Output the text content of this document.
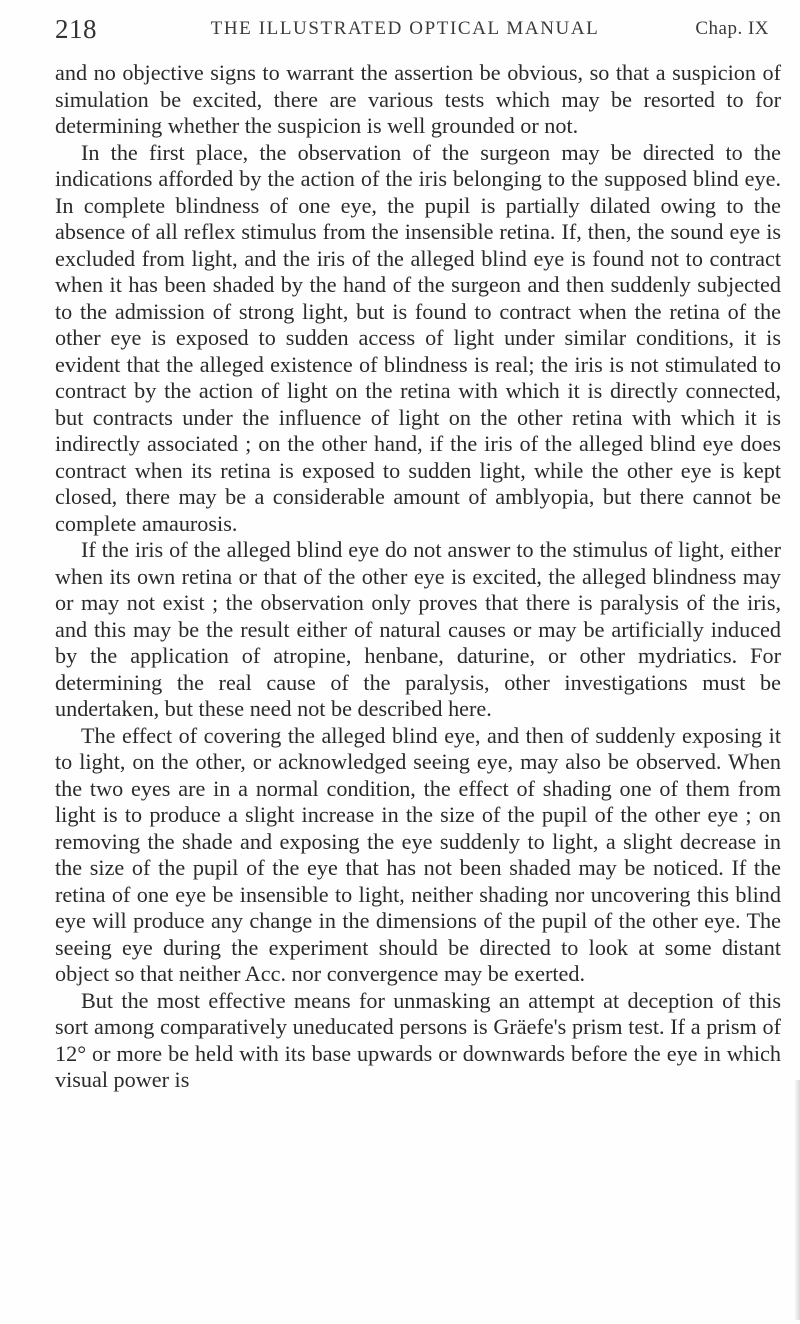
218	THE ILLUSTRATED OPTICAL MANUAL	Chap. IX

and no objective signs to warrant the assertion be obvious, so that a suspicion of simulation be excited, there are various tests which may be resorted to for determining whether the suspicion is well grounded or not.

In the first place, the observation of the surgeon may be directed to the indications afforded by the action of the iris belonging to the supposed blind eye. In complete blindness of one eye, the pupil is partially dilated owing to the absence of all reflex stimulus from the insensible retina. If, then, the sound eye is excluded from light, and the iris of the alleged blind eye is found not to contract when it has been shaded by the hand of the surgeon and then suddenly subjected to the admission of strong light, but is found to contract when the retina of the other eye is exposed to sudden access of light under similar conditions, it is evident that the alleged existence of blindness is real; the iris is not stimulated to contract by the action of light on the retina with which it is directly connected, but contracts under the influence of light on the other retina with which it is indirectly associated ; on the other hand, if the iris of the alleged blind eye does contract when its retina is exposed to sudden light, while the other eye is kept closed, there may be a considerable amount of amblyopia, but there cannot be complete amaurosis.

If the iris of the alleged blind eye do not answer to the stimulus of light, either when its own retina or that of the other eye is excited, the alleged blindness may or may not exist ; the observation only proves that there is paralysis of the iris, and this may be the result either of natural causes or may be artificially induced by the application of atropine, henbane, daturine, or other mydriatics. For determining the real cause of the paralysis, other investigations must be undertaken, but these need not be described here.

The effect of covering the alleged blind eye, and then of suddenly exposing it to light, on the other, or acknowledged seeing eye, may also be observed. When the two eyes are in a normal condition, the effect of shading one of them from light is to produce a slight increase in the size of the pupil of the other eye ; on removing the shade and exposing the eye suddenly to light, a slight decrease in the size of the pupil of the eye that has not been shaded may be noticed. If the retina of one eye be insensible to light, neither shading nor uncovering this blind eye will produce any change in the dimensions of the pupil of the other eye. The seeing eye during the experiment should be directed to look at some distant object so that neither Acc. nor convergence may be exerted.

But the most effective means for unmasking an attempt at deception of this sort among comparatively uneducated persons is Gräefe's prism test. If a prism of 12° or more be held with its base upwards or downwards before the eye in which visual power is
